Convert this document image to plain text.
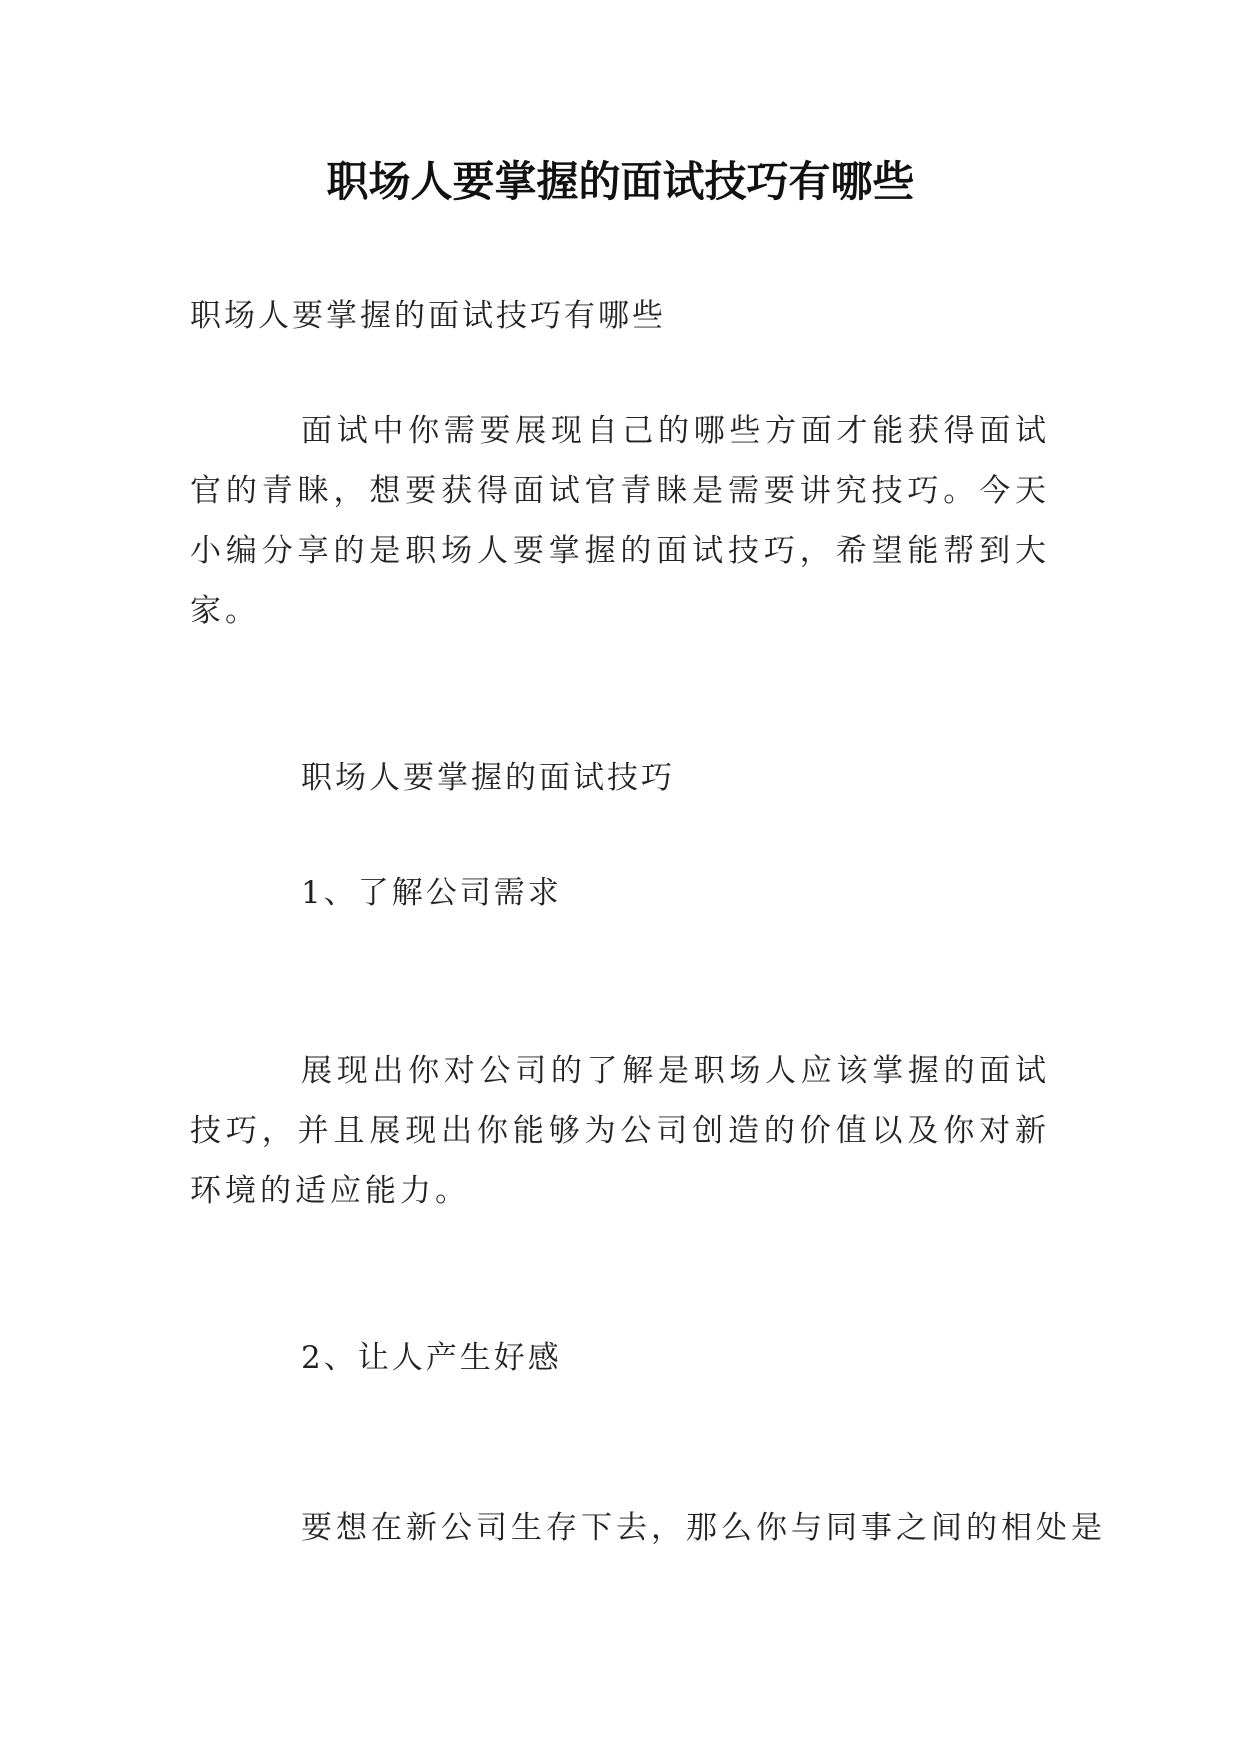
职场人要掌握的面试技巧有哪些
职场人要掌握的面试技巧有哪些
面试中你需要展现自己的哪些方面才能获得面试官的青睐，想要获得面试官青睐是需要讲究技巧。今天小编分享的是职场人要掌握的面试技巧，希望能帮到大家。
职场人要掌握的面试技巧
1、了解公司需求
展现出你对公司的了解是职场人应该掌握的面试技巧，并且展现出你能够为公司创造的价值以及你对新环境的适应能力。
2、让人产生好感
要想在新公司生存下去，那么你与同事之间的相处是
